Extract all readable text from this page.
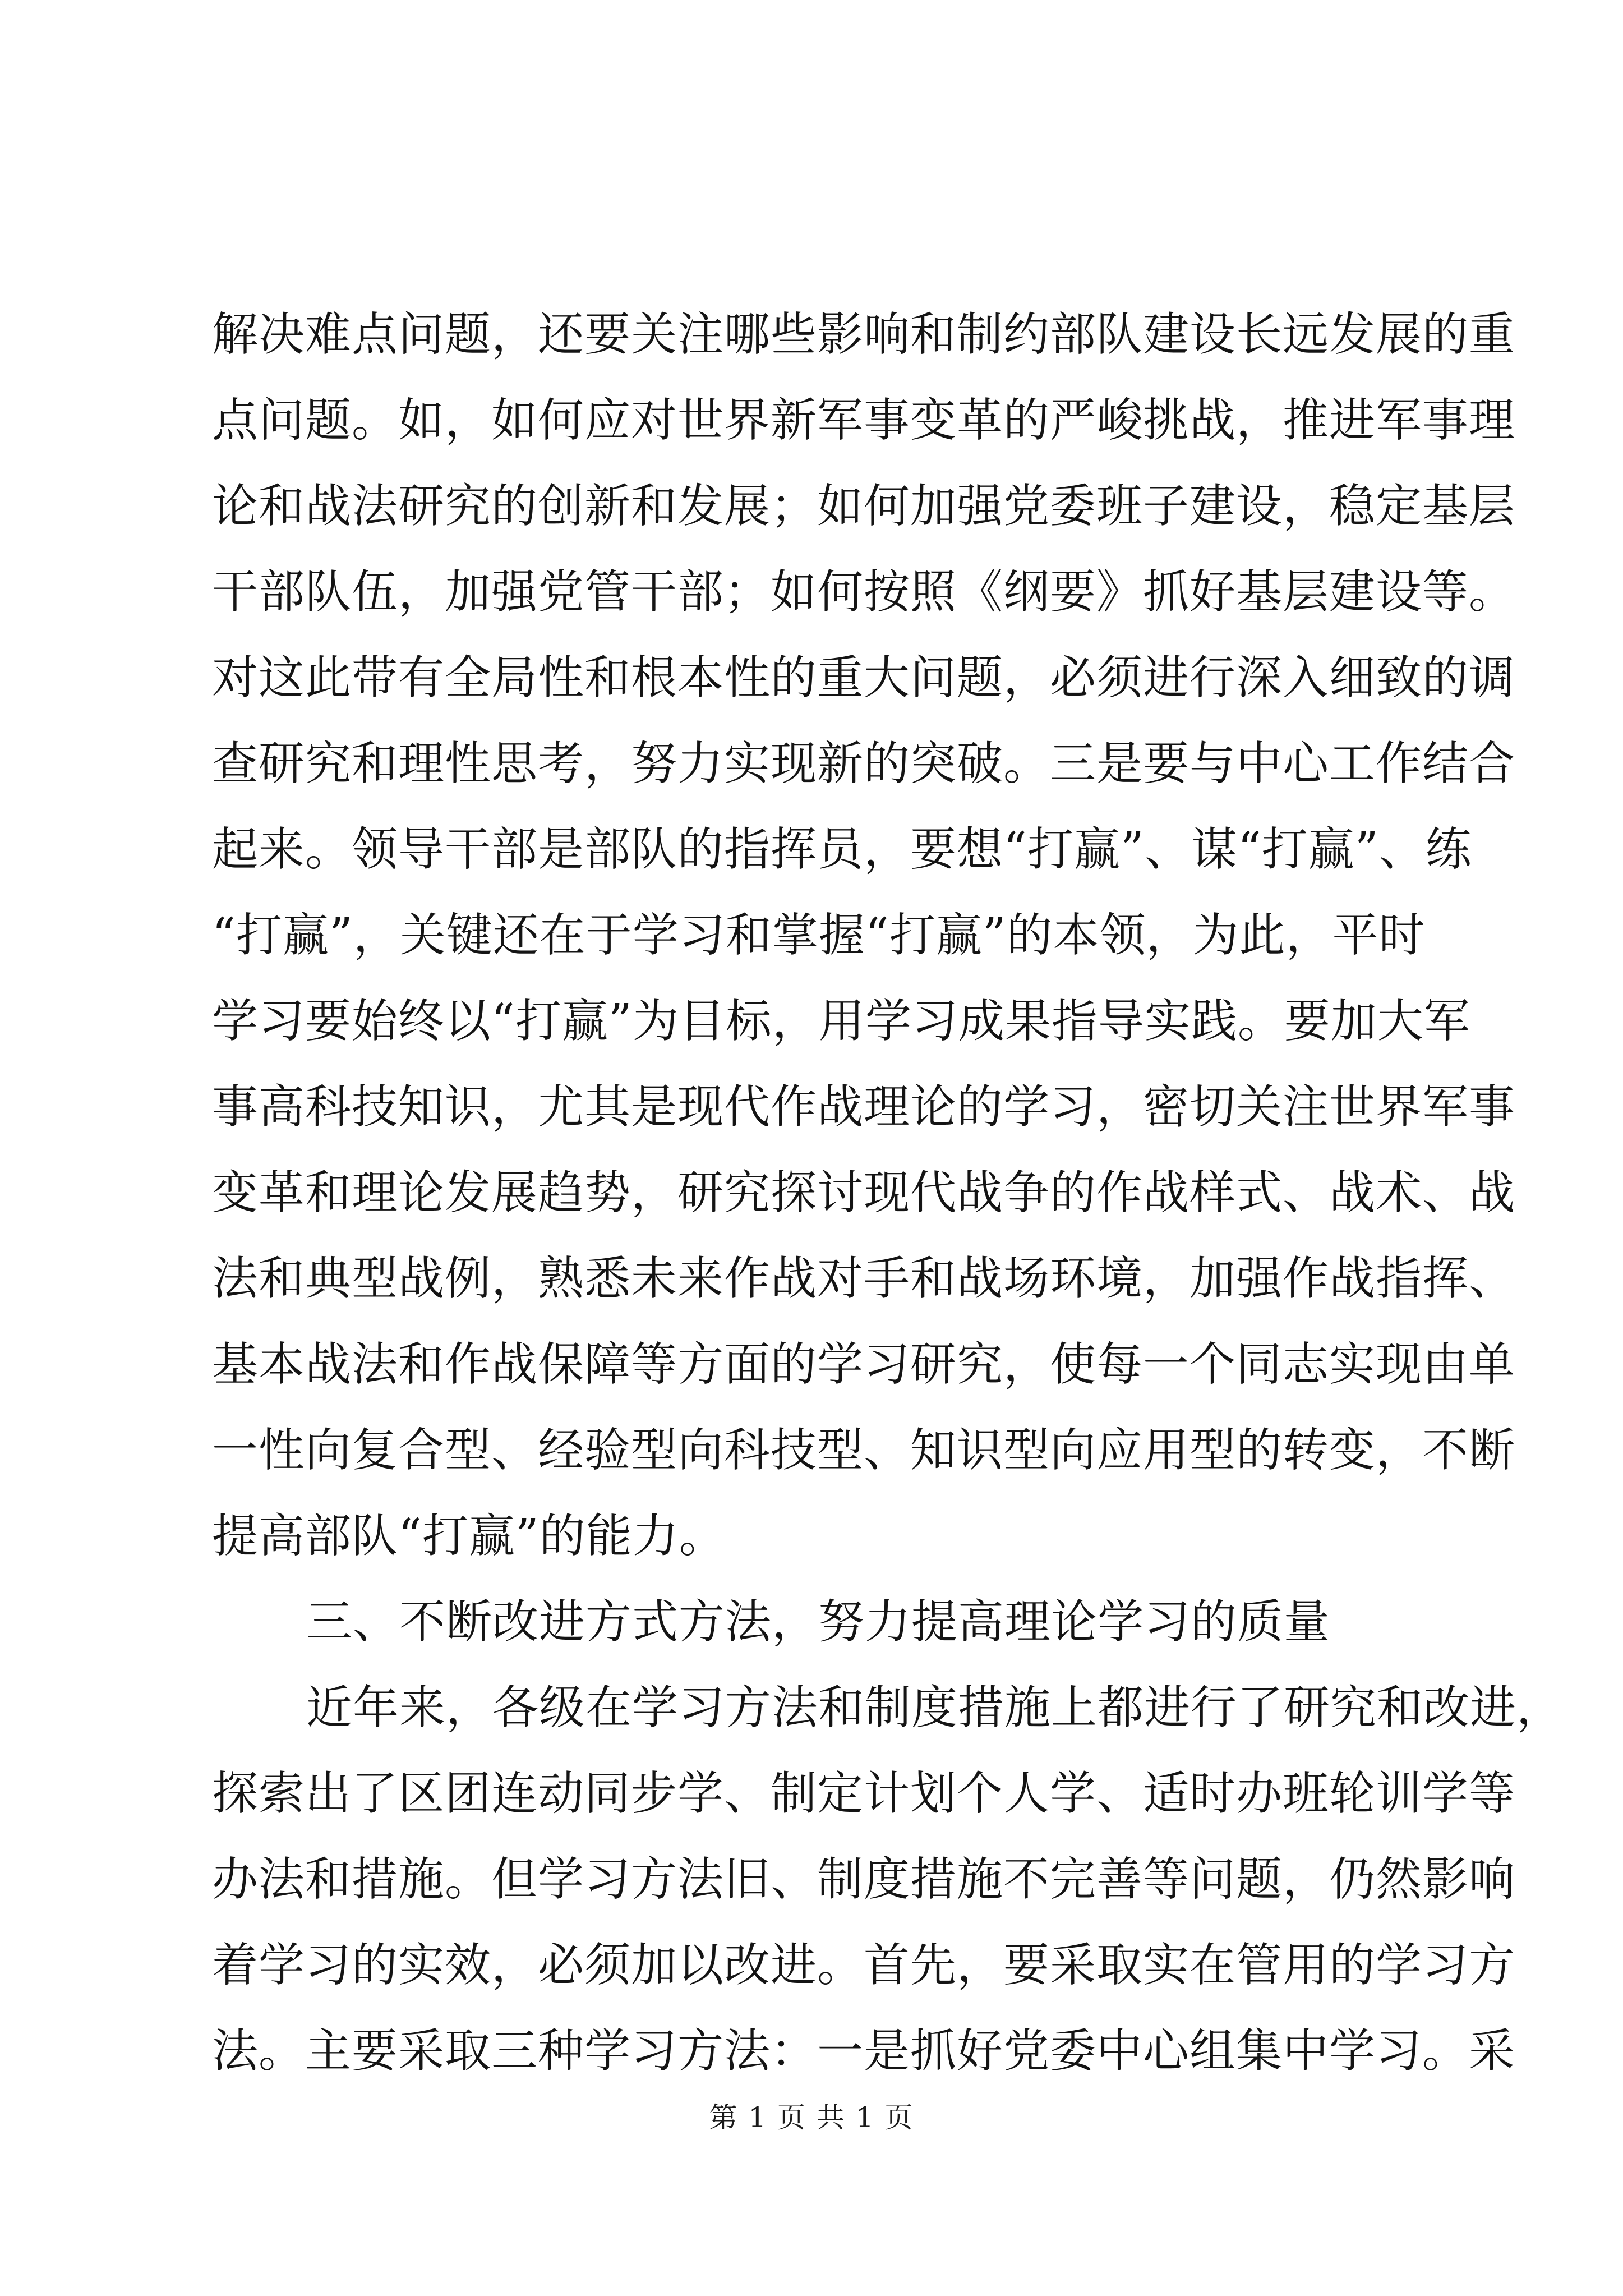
解决难点问题，还要关注哪些影响和制约部队建设长远发展的重
点问题。如，如何应对世界新军事变革的严峻挑战，推进军事理
论和战法研究的创新和发展；如何加强党委班子建设，稳定基层
干部队伍，加强党管干部；如何按照《纲要》抓好基层建设等。
对这此带有全局性和根本性的重大问题，必须进行深入细致的调
查研究和理性思考，努力实现新的突破。三是要与中心工作结合
起来。领导干部是部队的指挥员，要想“打赢”、谋“打赢”、练
“打赢”，关键还在于学习和掌握“打赢”的本领，为此，平时
学习要始终以“打赢”为目标，用学习成果指导实践。要加大军
事高科技知识，尤其是现代作战理论的学习，密切关注世界军事
变革和理论发展趋势，研究探讨现代战争的作战样式、战术、战
法和典型战例，熟悉未来作战对手和战场环境，加强作战指挥、
基本战法和作战保障等方面的学习研究，使每一个同志实现由单
一性向复合型、经验型向科技型、知识型向应用型的转变，不断
提高部队“打赢”的能力。
三、不断改进方式方法，努力提高理论学习的质量
近年来，各级在学习方法和制度措施上都进行了研究和改进，
探索出了区团连动同步学、制定计划个人学、适时办班轮训学等
办法和措施。但学习方法旧、制度措施不完善等问题，仍然影响
着学习的实效，必须加以改进。首先，要采取实在管用的学习方
法。主要采取三种学习方法：一是抓好党委中心组集中学习。采
第 1 页 共 1 页
